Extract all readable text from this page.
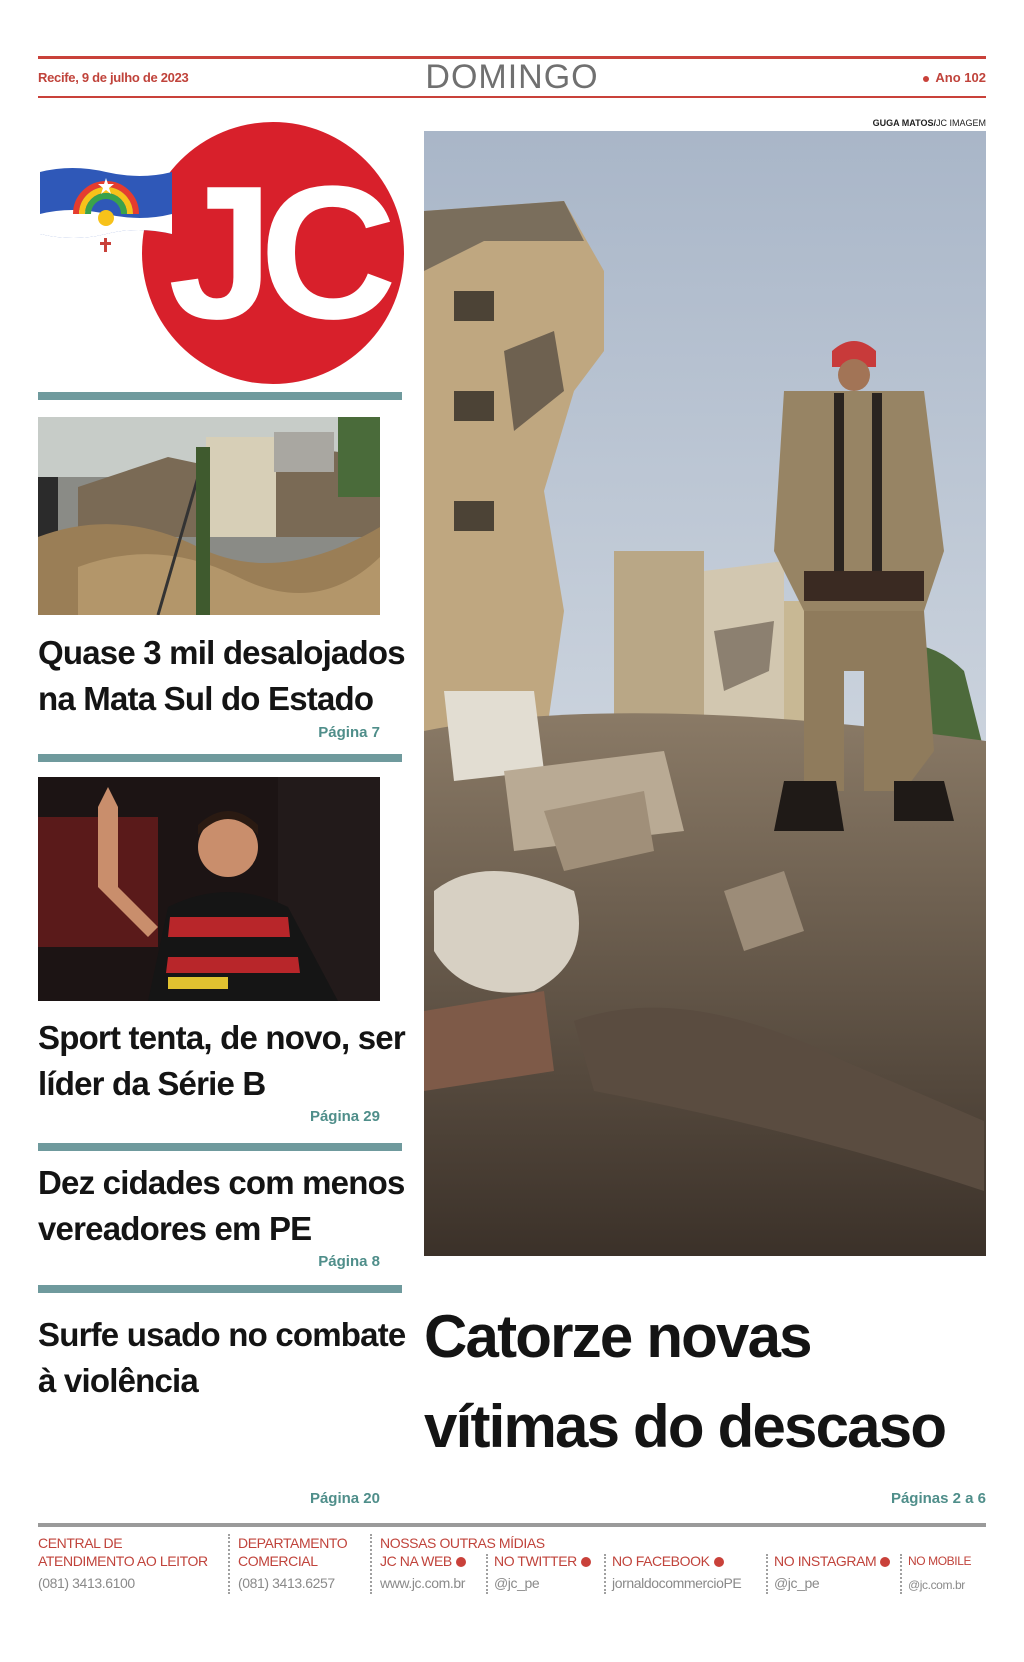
Recife, 9 de julho de 2023	DOMINGO	Ano 102
GUGA MATOS/JC IMAGEM
JC
Quase 3 mil desalojados na Mata Sul do Estado
Página 7
Sport tenta, de novo, ser líder da Série B
Página 29
Dez cidades com menos vereadores em PE
Página 8
Surfe usado no combate à violência
Página 20
Catorze novas vítimas do descaso
Páginas 2 a 6
CENTRAL DE ATENDIMENTO AO LEITOR
(081) 3413.6100
DEPARTAMENTO COMERCIAL
(081) 3413.6257
NOSSAS OUTRAS MÍDIAS
JC NA WEB
www.jc.com.br
NO TWITTER
@jc_pe
NO FACEBOOK
jornaldocommercioPE
NO INSTAGRAM
@jc_pe
NO MOBILE
@jc.com.br
